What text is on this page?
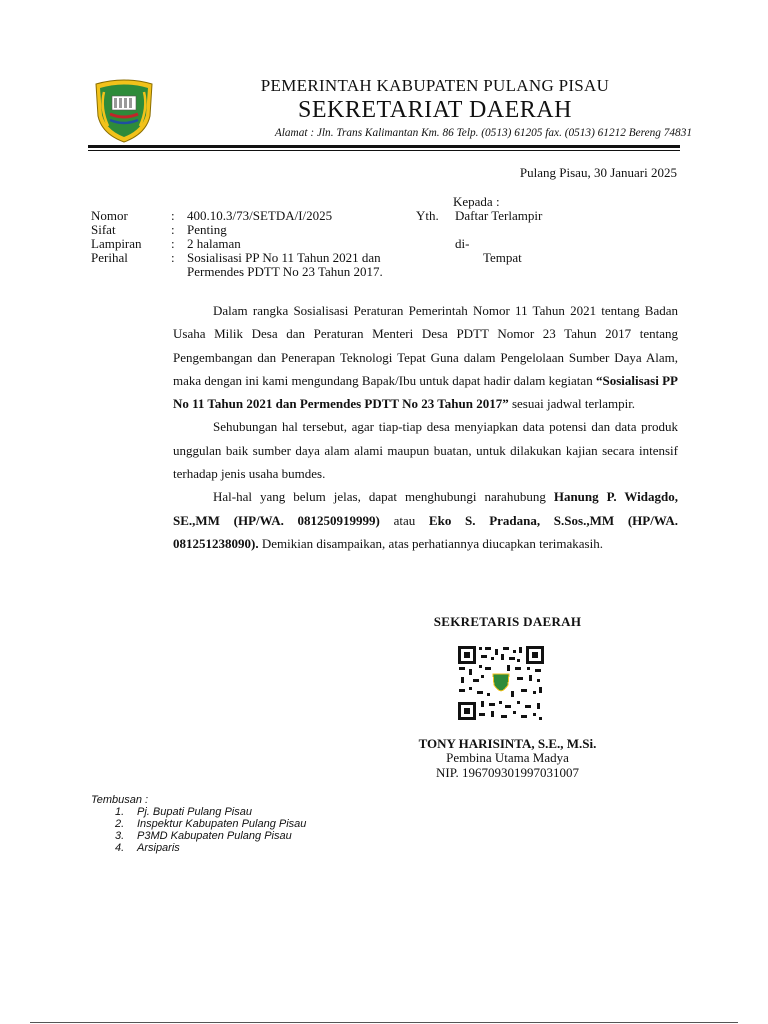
PEMERINTAH KABUPATEN PULANG PISAU
SEKRETARIAT DAERAH
Alamat : Jln. Trans Kalimantan Km. 86 Telp. (0513) 61205 fax. (0513) 61212 Bereng 74831
Pulang Pisau, 30 Januari 2025
Nomor	: 400.10.3/73/SETDA/I/2025
Sifat	: Penting
Lampiran : 2 halaman
Perihal	: Sosialisasi PP No 11 Tahun 2021 dan
Permendes PDTT No 23 Tahun 2017.
Kepada :
Yth. Daftar Terlampir
di-
Tempat

Dalam rangka Sosialisasi Peraturan Pemerintah Nomor 11 Tahun 2021 tentang Badan Usaha Milik Desa dan Peraturan Menteri Desa PDTT Nomor 23 Tahun 2017 tentang Pengembangan dan Penerapan Teknologi Tepat Guna dalam Pengelolaan Sumber Daya Alam, maka dengan ini kami mengundang Bapak/Ibu untuk dapat hadir dalam kegiatan “Sosialisasi PP No 11 Tahun 2021 dan Permendes PDTT No 23 Tahun 2017” sesuai jadwal terlampir.

Sehubungan hal tersebut, agar tiap-tiap desa menyiapkan data potensi dan data produk unggulan baik sumber daya alam alami maupun buatan, untuk dilakukan kajian secara intensif terhadap jenis usaha bumdes.

Hal-hal yang belum jelas, dapat menghubungi narahubung Hanung P. Widagdo, SE.,MM (HP/WA. 081250919999) atau Eko S. Pradana, S.Sos.,MM (HP/WA. 081251238090). Demikian disampaikan, atas perhatiannya diucapkan terimakasih.

SEKRETARIS DAERAH
TONY HARISINTA, S.E., M.Si.
Pembina Utama Madya
NIP. 196709301997031007
Tembusan :
1. Pj. Bupati Pulang Pisau
2. Inspektur Kabupaten Pulang Pisau
3. P3MD Kabupaten Pulang Pisau
4. Arsiparis
